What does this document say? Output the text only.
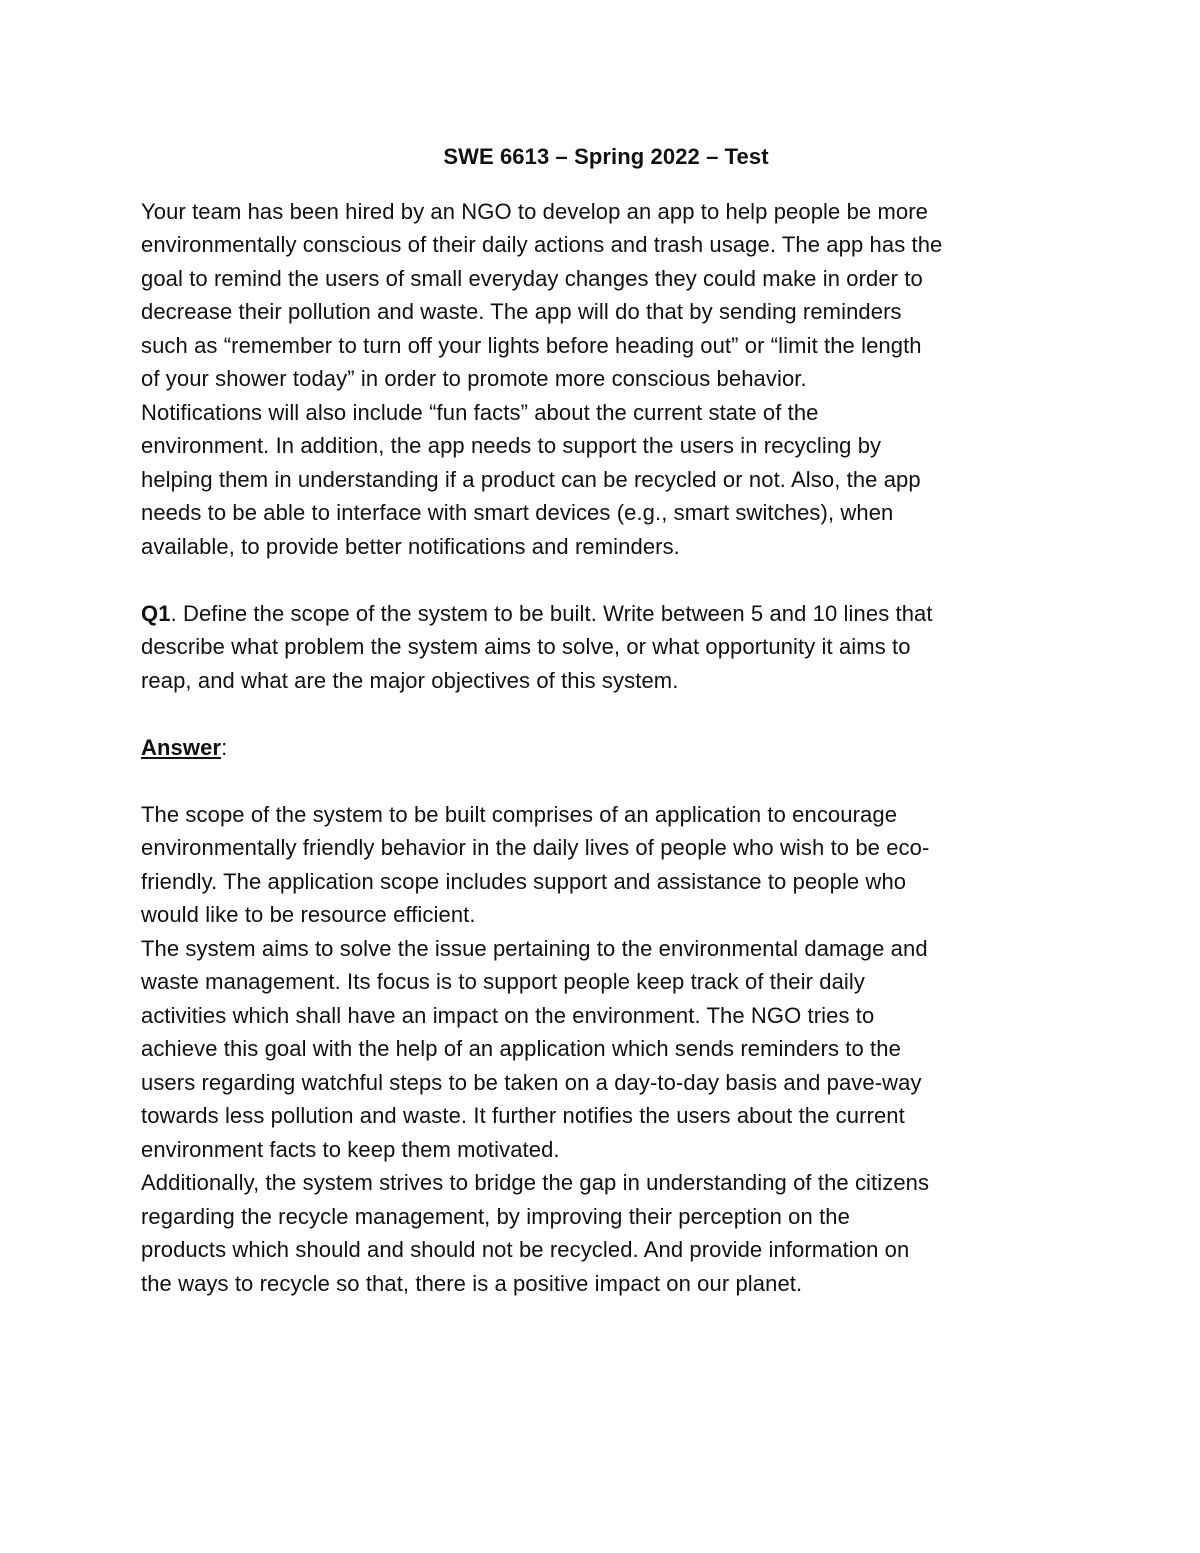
SWE 6613 – Spring 2022 – Test
Your team has been hired by an NGO to develop an app to help people be more
environmentally conscious of their daily actions and trash usage. The app has the
goal to remind the users of small everyday changes they could make in order to
decrease their pollution and waste. The app will do that by sending reminders
such as “remember to turn off your lights before heading out” or “limit the length
of your shower today” in order to promote more conscious behavior.
Notifications will also include “fun facts” about the current state of the
environment. In addition, the app needs to support the users in recycling by
helping them in understanding if a product can be recycled or not. Also, the app
needs to be able to interface with smart devices (e.g., smart switches), when
available, to provide better notifications and reminders.
Q1. Define the scope of the system to be built. Write between 5 and 10 lines that
describe what problem the system aims to solve, or what opportunity it aims to
reap, and what are the major objectives of this system.
Answer:
The scope of the system to be built comprises of an application to encourage
environmentally friendly behavior in the daily lives of people who wish to be eco-
friendly. The application scope includes support and assistance to people who
would like to be resource efficient.
The system aims to solve the issue pertaining to the environmental damage and
waste management. Its focus is to support people keep track of their daily
activities which shall have an impact on the environment. The NGO tries to
achieve this goal with the help of an application which sends reminders to the
users regarding watchful steps to be taken on a day-to-day basis and pave-way
towards less pollution and waste. It further notifies the users about the current
environment facts to keep them motivated.
Additionally, the system strives to bridge the gap in understanding of the citizens
regarding the recycle management, by improving their perception on the
products which should and should not be recycled. And provide information on
the ways to recycle so that, there is a positive impact on our planet.
